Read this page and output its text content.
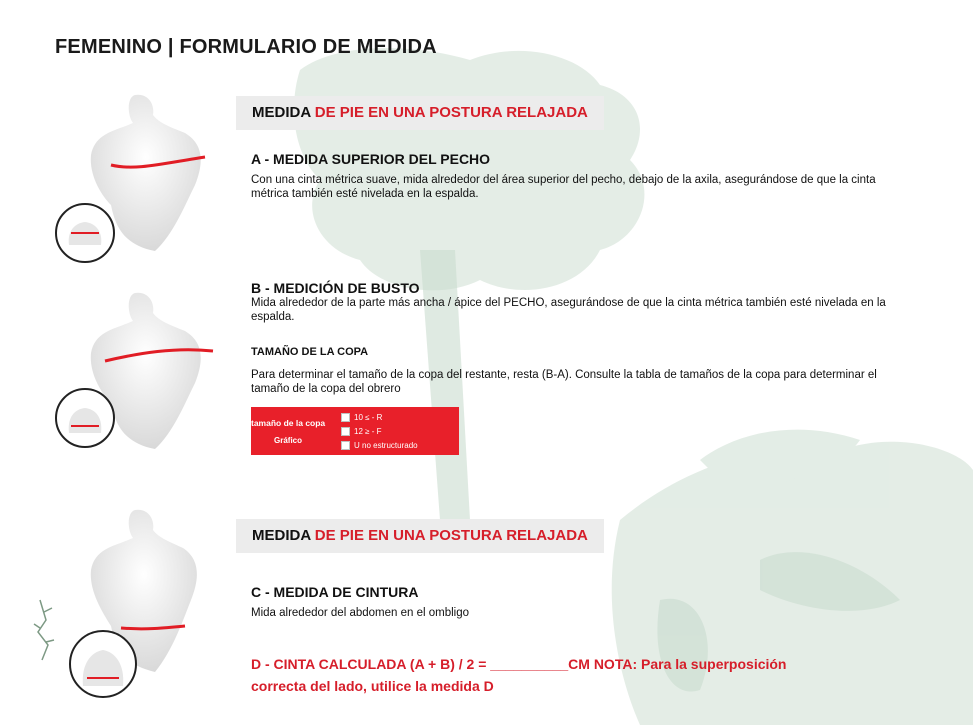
FEMENINO | FORMULARIO DE MEDIDA
MEDIDA DE PIE EN UNA POSTURA RELAJADA
A - MEDIDA SUPERIOR DEL PECHO
Con una cinta métrica suave, mida alrededor del área superior del pecho, debajo de la axila, asegurándose de que la cinta métrica también esté nivelada en la espalda.
B - MEDICIÓN DE BUSTO
Mida alrededor de la parte más ancha / ápice del PECHO, asegurándose de que la cinta métrica también esté nivelada en la espalda.
TAMAÑO DE LA COPA
Para determinar el tamaño de la copa del restante, resta (B-A). Consulte la tabla de tamaños de la copa para determinar el tamaño de la copa del obrero
tamaño de la copa
Gráfico
10 ≤ - R
12 ≥ - F
U no estructurado
MEDIDA DE PIE EN UNA POSTURA RELAJADA
C - MEDIDA DE CINTURA
Mida alrededor del abdomen en el ombligo
D - CINTA CALCULADA (A + B) / 2 = __________CM NOTA: Para la superposición correcta del lado, utilice la medida D
